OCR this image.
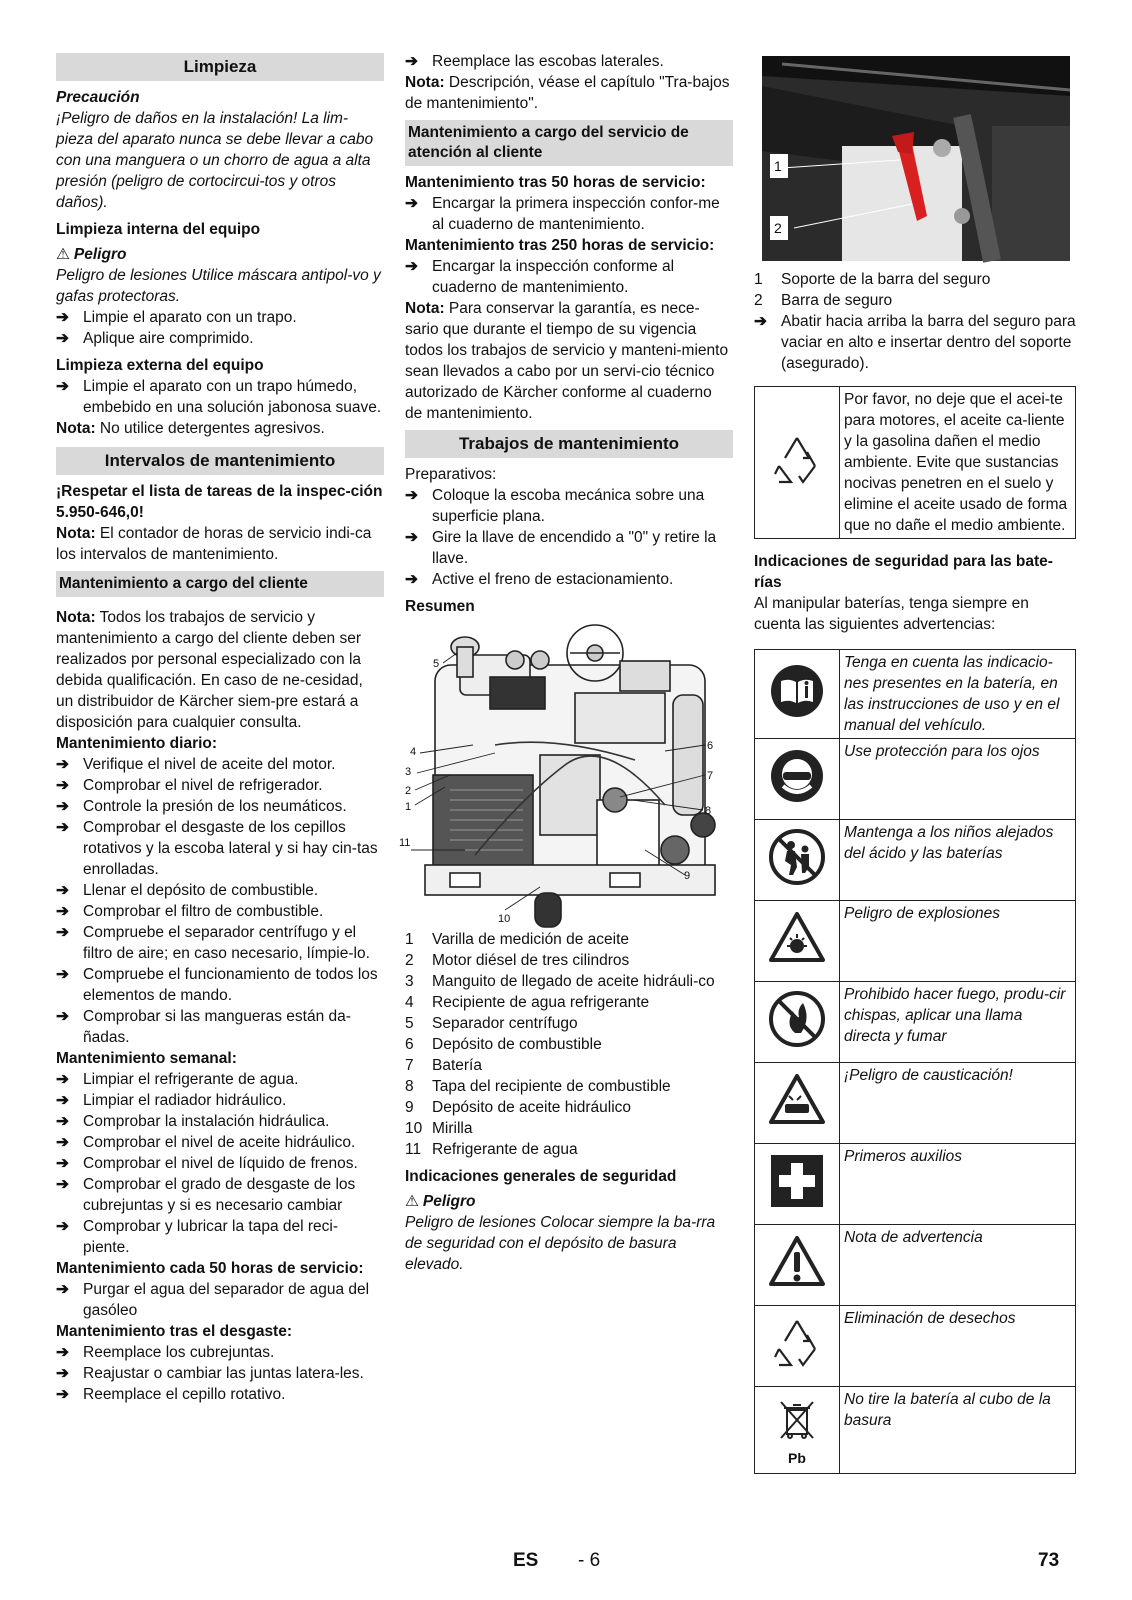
Limpieza
Precaución

¡Peligro de daños en la instalación! La lim-pieza del aparato nunca se debe llevar a cabo con una manguera o un chorro de agua a alta presión (peligro de cortocircui-tos y otros daños).

Limpieza interna del equipo
⚠ Peligro

Peligro de lesiones Utilice máscara antipol-vo y gafas protectoras.

➔ Limpie el aparato con un trapo.

➔ Aplique aire comprimido.

Limpieza externa del equipo

➔ Limpie el aparato con un trapo húmedo, embebido en una solución jabonosa suave.

Nota: No utilice detergentes agresivos.

Intervalos de mantenimiento
¡Respetar el lista de tareas de la inspec-ción 5.950-646,0!

Nota: El contador de horas de servicio indi-ca los intervalos de mantenimiento.

Mantenimiento a cargo del cliente

Nota: Todos los trabajos de servicio y mantenimiento a cargo del cliente deben ser realizados por personal especializado con la debida qualificación. En caso de ne-cesidad, un distribuidor de Kärcher siem-pre estará a disposición para cualquier consulta.

Mantenimiento diario:

➔ Verifique el nivel de aceite del motor.

➔ Comprobar el nivel de refrigerador.

➔ Controle la presión de los neumáticos.

➔ Comprobar el desgaste de los cepillos rotativos y la escoba lateral y si hay cin-tas enrolladas.

➔ Llenar el depósito de combustible.

➔ Comprobar el filtro de combustible.

➔ Compruebe el separador centrífugo y el filtro de aire; en caso necesario, límpie-lo.

➔ Compruebe el funcionamiento de todos los elementos de mando.

➔ Comprobar si las mangueras están da-ñadas.

Mantenimiento semanal:

➔ Limpiar el refrigerante de agua.

➔ Limpiar el radiador hidráulico.

➔ Comprobar la instalación hidráulica.

➔ Comprobar el nivel de aceite hidráulico.

➔ Comprobar el nivel de líquido de frenos.

➔ Comprobar el grado de desgaste de los cubrejuntas y si es necesario cambiar

➔ Comprobar y lubricar la tapa del reci-piente.

Mantenimiento cada 50 horas de servicio:

➔ Purgar el agua del separador de agua del gasóleo

Mantenimiento tras el desgaste:

➔ Reemplace los cubrejuntas.

➔ Reajustar o cambiar las juntas latera-les.

➔ Reemplace el cepillo rotativo.

➔ Reemplace las escobas laterales.

Nota: Descripción, véase el capítulo "Tra-bajos de mantenimiento".

Mantenimiento a cargo del servicio de atención al cliente
Mantenimiento tras 50 horas de servicio:

➔ Encargar la primera inspección confor-me al cuaderno de mantenimiento.

Mantenimiento tras 250 horas de servicio:

➔ Encargar la inspección conforme al cuaderno de mantenimiento.

Nota: Para conservar la garantía, es nece-sario que durante el tiempo de su vigencia todos los trabajos de servicio y manteni-miento sean llevados a cabo por un servi-cio técnico autorizado de Kärcher conforme al cuaderno de mantenimiento.

Trabajos de mantenimiento

Preparativos:

➔ Coloque la escoba mecánica sobre una superficie plana.

➔ Gire la llave de encendido a "0" y retire la llave.

➔ Active el freno de estacionamiento.

Resumen
1
2
3
4
5
6
7
8
9
10
11

1 Varilla de medición de aceite

2 Motor diésel de tres cilindros

3 Manguito de llegado de aceite hidráuli-co

4 Recipiente de agua refrigerante

5 Separador centrífugo

6 Depósito de combustible

7 Batería

8 Tapa del recipiente de combustible

9 Depósito de aceite hidráulico

10 Mirilla

11 Refrigerante de agua

Indicaciones generales de seguridad
⚠ Peligro

Peligro de lesiones Colocar siempre la ba-rra de seguridad con el depósito de basura elevado.

1
2

1 Soporte de la barra del seguro

2 Barra de seguro

➔ Abatir hacia arriba la barra del seguro para vaciar en alto e insertar dentro del soporte (asegurado).

	Por favor, no deje que el acei-te para motores, el aceite ca-liente y la gasolina dañen el medio ambiente. Evite que sustancias nocivas penetren en el suelo y elimine el aceite usado de forma que no dañe el medio ambiente.
Indicaciones de seguridad para las bate-rías

Al manipular baterías, tenga siempre en cuenta las siguientes advertencias:

	Tenga en cuenta las indicacio-nes presentes en la batería, en las instrucciones de uso y en el manual del vehículo.
	Use protección para los ojos
	Mantenga a los niños alejados del ácido y las baterías
	Peligro de explosiones
	Prohibido hacer fuego, produ-cir chispas, aplicar una llama directa y fumar
	¡Peligro de causticación!
	Primeros auxilios
	Nota de advertencia
	Eliminación de desechos

Pb	No tire la batería al cubo de la basura
ES - 6	73
